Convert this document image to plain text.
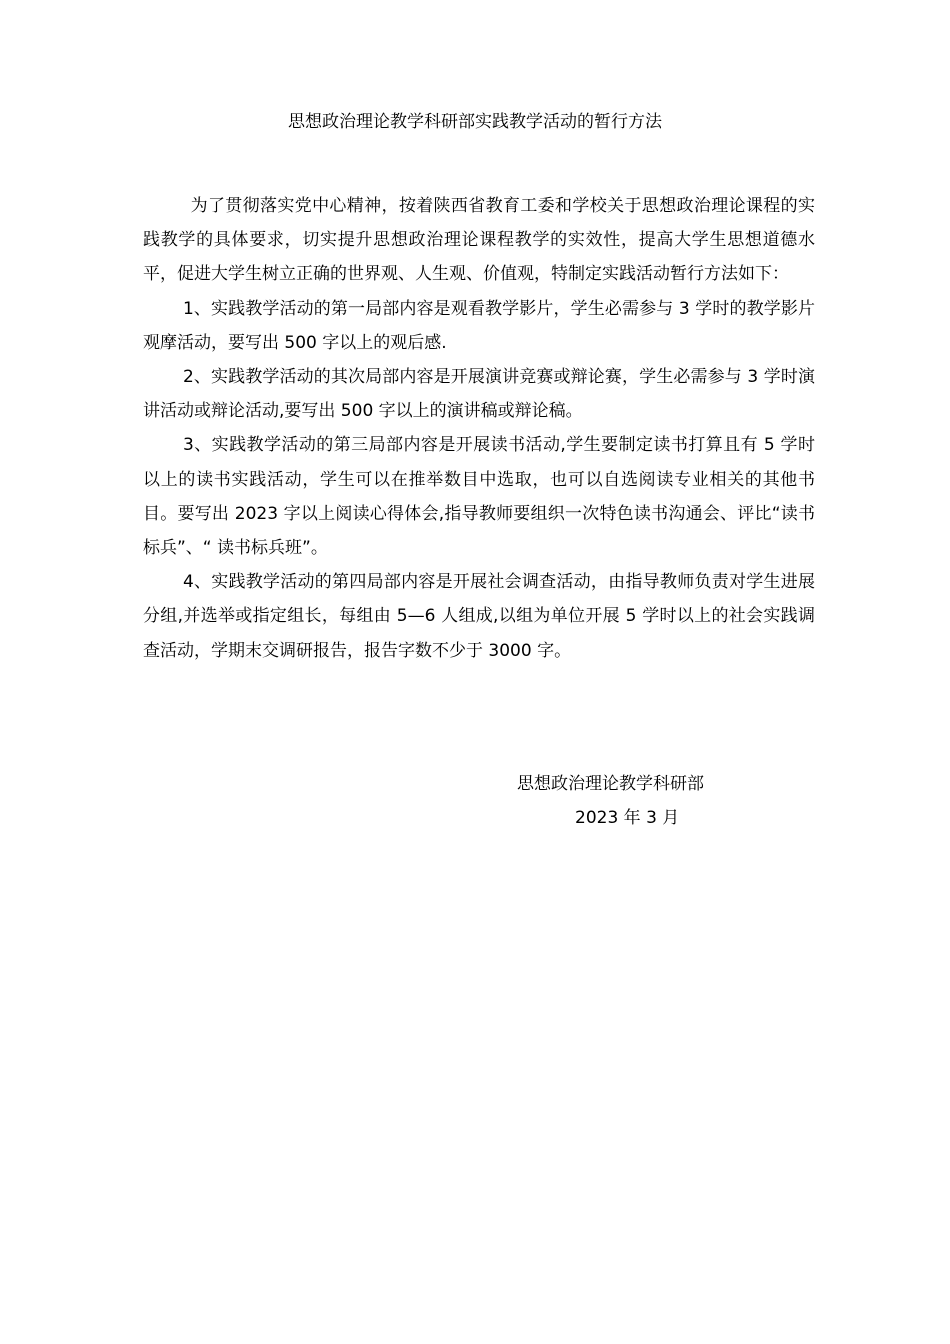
思想政治理论教学科研部实践教学活动的暂行方法

为了贯彻落实党中心精神，按着陕西省教育工委和学校关于思想政治理论课程的实践教学的具体要求，切实提升思想政治理论课程教学的实效性，提高大学生思想道德水平，促进大学生树立正确的世界观、人生观、价值观，特制定实践活动暂行方法如下：

1、实践教学活动的第一局部内容是观看教学影片，学生必需参与 3 学时的教学影片观摩活动，要写出 500 字以上的观后感.

2、实践教学活动的其次局部内容是开展演讲竞赛或辩论赛，学生必需参与 3 学时演讲活动或辩论活动,要写出 500 字以上的演讲稿或辩论稿。

3、实践教学活动的第三局部内容是开展读书活动,学生要制定读书打算且有 5 学时以上的读书实践活动，学生可以在推举数目中选取，也可以自选阅读专业相关的其他书目。要写出 2023 字以上阅读心得体会,指导教师要组织一次特色读书沟通会、评比“读书标兵”、“ 读书标兵班”。

4、实践教学活动的第四局部内容是开展社会调查活动，由指导教师负责对学生进展分组,并选举或指定组长，每组由 5—6 人组成,以组为单位开展 5 学时以上的社会实践调查活动，学期末交调研报告，报告字数不少于 3000 字。

思想政治理论教学科研部
2023 年 3 月
